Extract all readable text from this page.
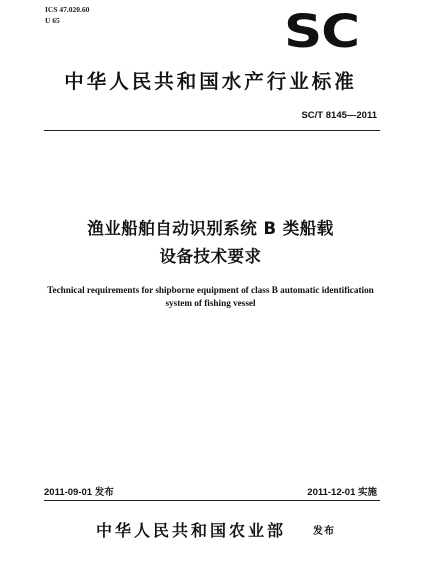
ICS 47.020.60
U 65	SC
中华人民共和国水产行业标准
SC/T 8145—2011
渔业船舶自动识别系统 B 类船载
设备技术要求
Technical requirements for shipborne equipment of class B automatic identification
system of fishing vessel
2011-09-01 发布	2011-12-01 实施
中华人民共和国农业部	发布
